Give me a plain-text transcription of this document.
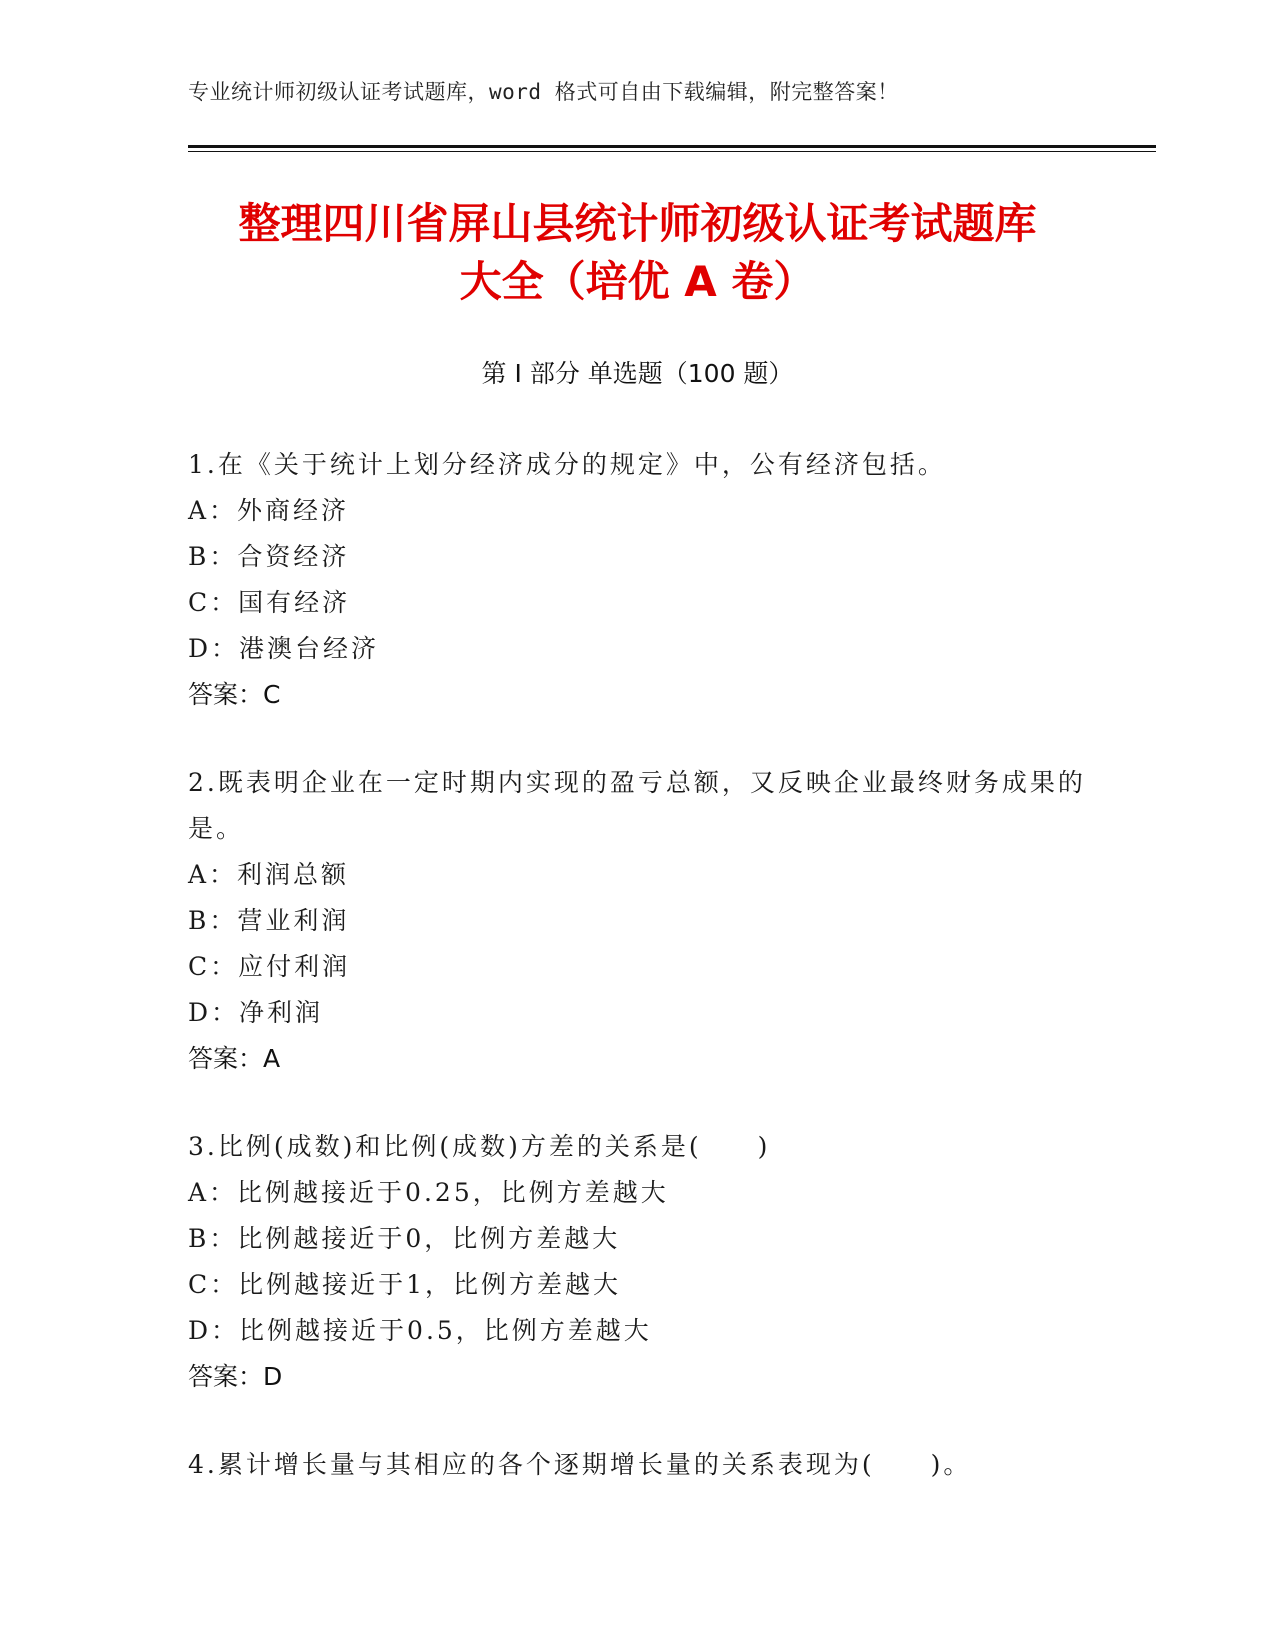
专业统计师初级认证考试题库，word 格式可自由下载编辑，附完整答案！
整理四川省屏山县统计师初级认证考试题库
大全（培优 A 卷）
第 I 部分 单选题（100 题）
1.在《关于统计上划分经济成分的规定》中，公有经济包括。
A：外商经济
B：合资经济
C：国有经济
D：港澳台经济
答案：C
2.既表明企业在一定时期内实现的盈亏总额，又反映企业最终财务成果的是。
A：利润总额
B：营业利润
C：应付利润
D：净利润
答案：A
3.比例(成数)和比例(成数)方差的关系是(　　)
A：比例越接近于0.25，比例方差越大
B：比例越接近于0，比例方差越大
C：比例越接近于1，比例方差越大
D：比例越接近于0.5，比例方差越大
答案：D
4.累计增长量与其相应的各个逐期增长量的关系表现为(　　)。
